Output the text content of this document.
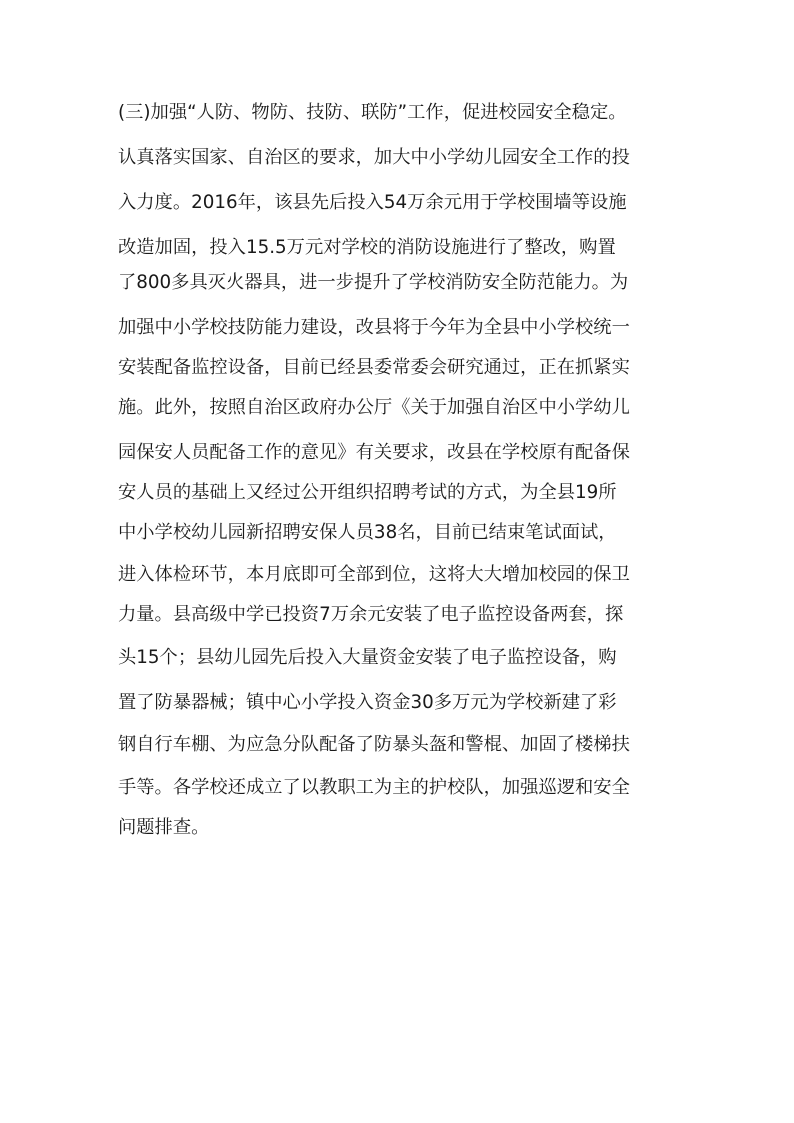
(三)加强“人防、物防、技防、联防”工作，促进校园安全稳定。
认真落实国家、自治区的要求，加大中小学幼儿园安全工作的投
入力度。2016年，该县先后投入54万余元用于学校围墙等设施
改造加固，投入15.5万元对学校的消防设施进行了整改，购置
了800多具灭火器具，进一步提升了学校消防安全防范能力。为
加强中小学校技防能力建设，改县将于今年为全县中小学校统一
安装配备监控设备，目前已经县委常委会研究通过，正在抓紧实
施。此外，按照自治区政府办公厅《关于加强自治区中小学幼儿
园保安人员配备工作的意见》有关要求，改县在学校原有配备保
安人员的基础上又经过公开组织招聘考试的方式，为全县19所
中小学校幼儿园新招聘安保人员38名，目前已结束笔试面试，
进入体检环节，本月底即可全部到位，这将大大增加校园的保卫
力量。县高级中学已投资7万余元安装了电子监控设备两套，探
头15个；县幼儿园先后投入大量资金安装了电子监控设备，购
置了防暴器械；镇中心小学投入资金30多万元为学校新建了彩
钢自行车棚、为应急分队配备了防暴头盔和警棍、加固了楼梯扶
手等。各学校还成立了以教职工为主的护校队，加强巡逻和安全
问题排查。
